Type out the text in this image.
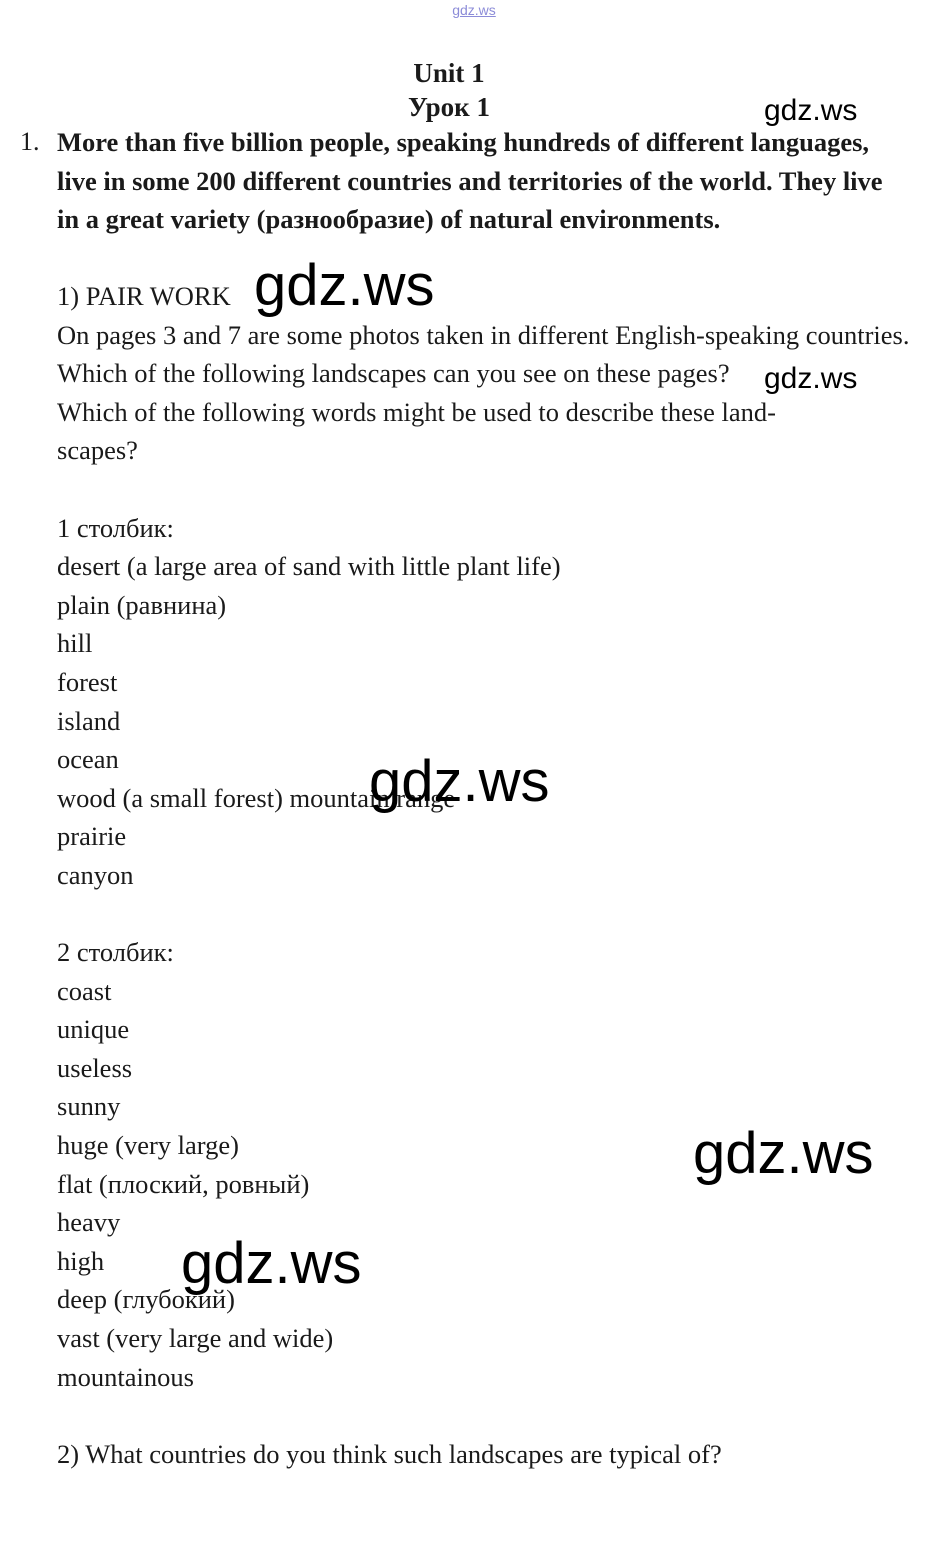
gdz.ws
Unit 1
Урок 1
1. More than five billion people, speaking hundreds of different languages, live in some 200 different countries and territories of the world. They live in a great variety (разнообразие) of natural environments.

1) PAIR WORK
On pages 3 and 7 are some photos taken in different English-speaking countries.
Which of the following landscapes can you see on these pages?
Which of the following words might be used to describe these land-
scapes?
1 столбик:
desert (a large area of sand with little plant life)
plain (равнина)
hill
forest
island
ocean
wood (a small forest) mountain range
prairie
canyon
2 столбик:
coast
unique
useless
sunny
huge (very large)
flat (плоский, ровный)
heavy
high
deep (глубокий)
vast (very large and wide)
mountainous
2) What countries do you think such landscapes are typical of?
gdz.ws
gdz.ws
gdz.ws
gdz.ws
gdz.ws
gdz.ws
